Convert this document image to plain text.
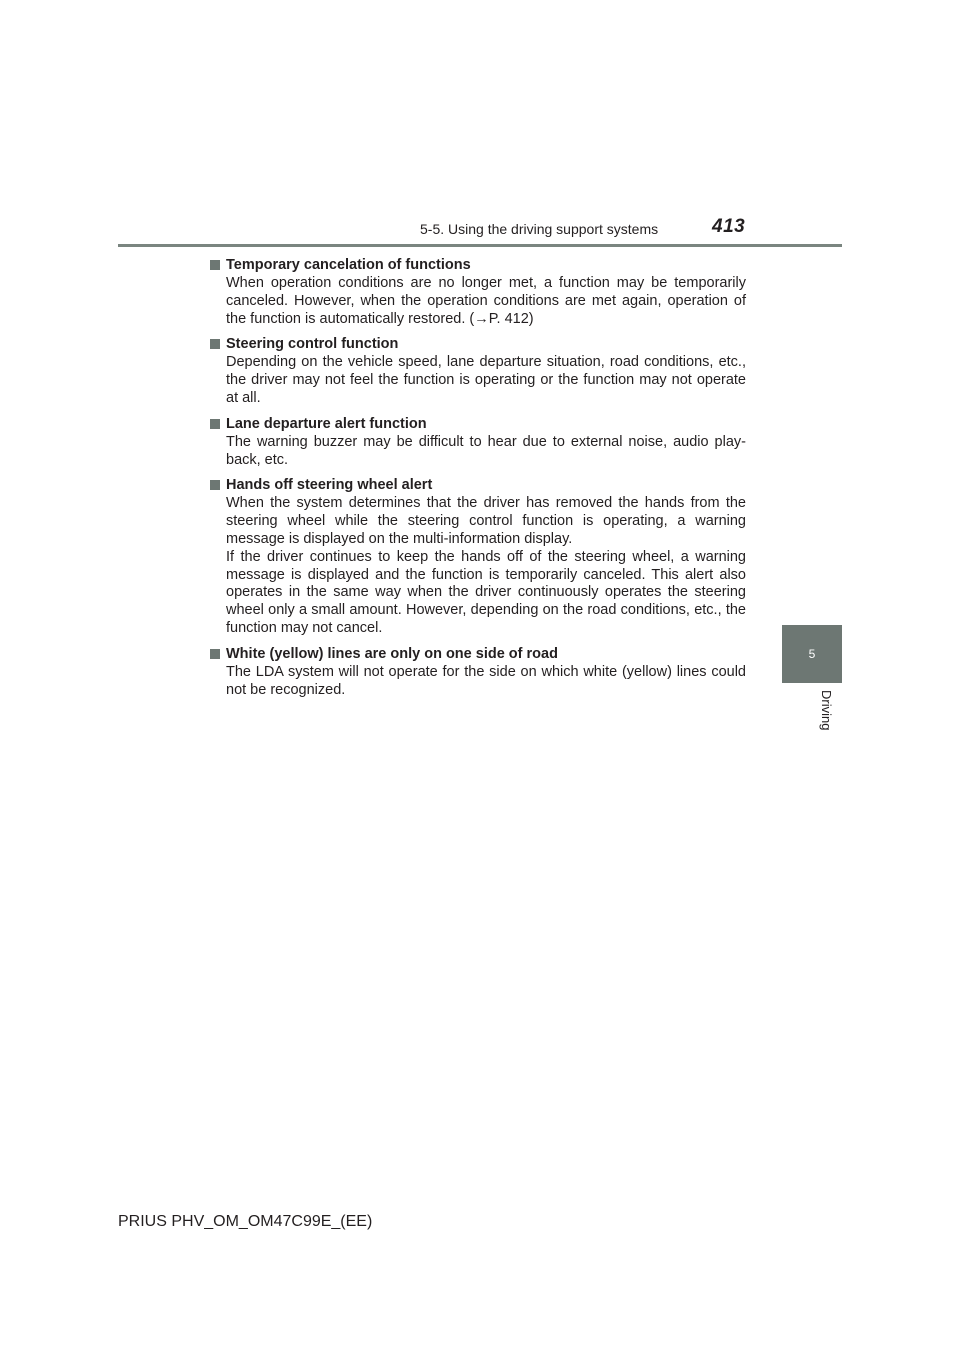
5-5. Using the driving support systems	413
5
Driving
Temporary cancelation of functions

When operation conditions are no longer met, a function may be temporarily canceled. However, when the operation conditions are met again, operation of the function is automatically restored. (→P. 412)

Steering control function

Depending on the vehicle speed, lane departure situation, road conditions, etc., the driver may not feel the function is operating or the function may not operate at all.

Lane departure alert function

The warning buzzer may be difficult to hear due to external noise, audio play-back, etc.

Hands off steering wheel alert

When the system determines that the driver has removed the hands from the steering wheel while the steering control function is operating, a warning message is displayed on the multi-information display.

If the driver continues to keep the hands off of the steering wheel, a warning message is displayed and the function is temporarily canceled. This alert also operates in the same way when the driver continuously operates the steering wheel only a small amount. However, depending on the road conditions, etc., the function may not cancel.

White (yellow) lines are only on one side of road

The LDA system will not operate for the side on which white (yellow) lines could not be recognized.

PRIUS PHV_OM_OM47C99E_(EE)
